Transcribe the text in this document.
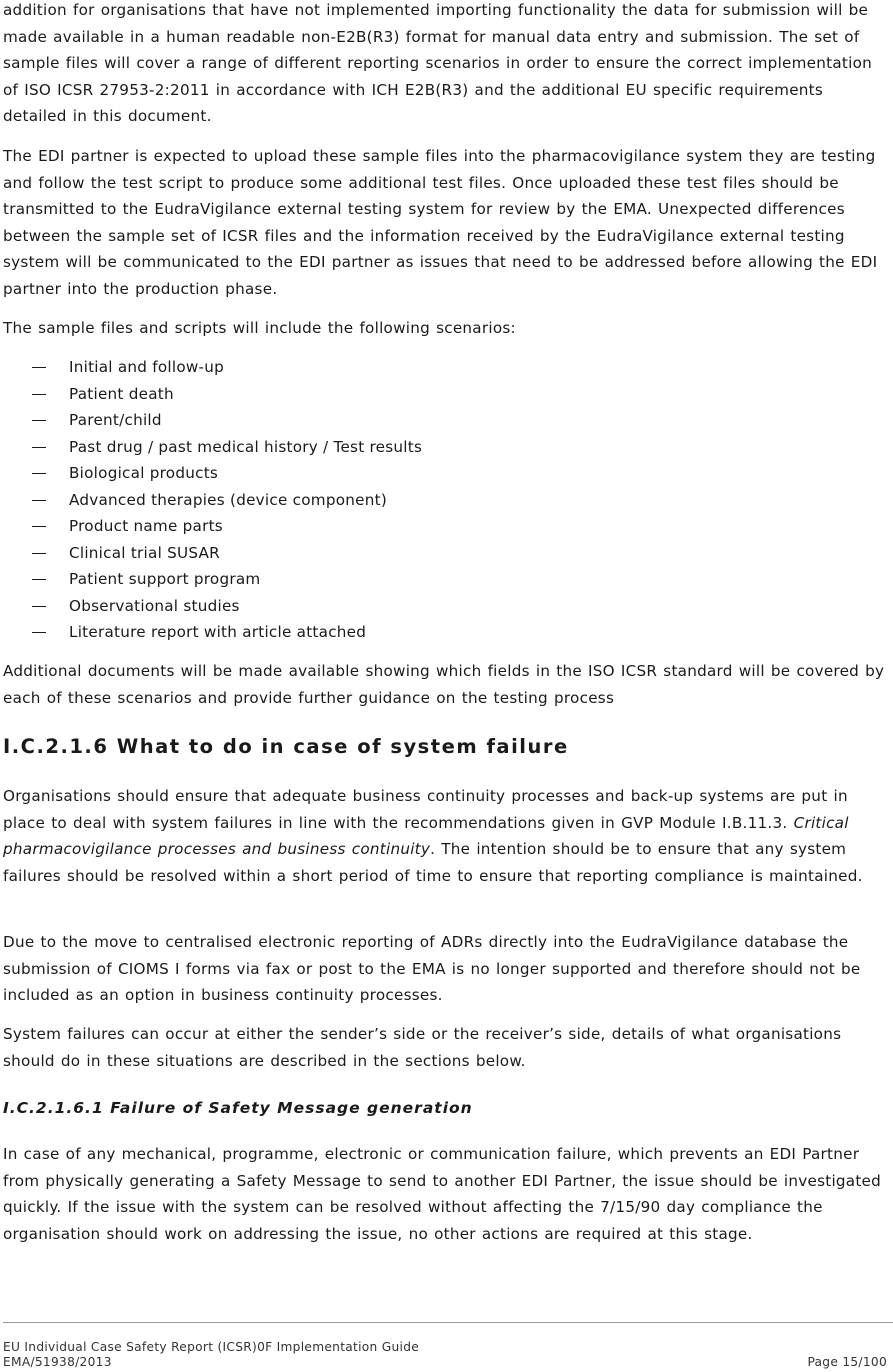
addition for organisations that have not implemented importing functionality the data for submission will be made available in a human readable non-E2B(R3) format for manual data entry and submission. The set of sample files will cover a range of different reporting scenarios in order to ensure the correct implementation of ISO ICSR 27953-2:2011 in accordance with ICH E2B(R3) and the additional EU specific requirements detailed in this document.

The EDI partner is expected to upload these sample files into the pharmacovigilance system they are testing and follow the test script to produce some additional test files. Once uploaded these test files should be transmitted to the EudraVigilance external testing system for review by the EMA. Unexpected differences between the sample set of ICSR files and the information received by the EudraVigilance external testing system will be communicated to the EDI partner as issues that need to be addressed before allowing the EDI partner into the production phase.

The sample files and scripts will include the following scenarios:

Initial and follow-up
Patient death
Parent/child
Past drug / past medical history / Test results
Biological products
Advanced therapies (device component)
Product name parts
Clinical trial SUSAR
Patient support program
Observational studies
Literature report with article attached

Additional documents will be made available showing which fields in the ISO ICSR standard will be covered by each of these scenarios and provide further guidance on the testing process

I.C.2.1.6 What to do in case of system failure

Organisations should ensure that adequate business continuity processes and back-up systems are put in place to deal with system failures in line with the recommendations given in GVP Module I.B.11.3. Critical pharmacovigilance processes and business continuity. The intention should be to ensure that any system failures should be resolved within a short period of time to ensure that reporting compliance is maintained.

Due to the move to centralised electronic reporting of ADRs directly into the EudraVigilance database the submission of CIOMS I forms via fax or post to the EMA is no longer supported and therefore should not be included as an option in business continuity processes.

System failures can occur at either the sender’s side or the receiver’s side, details of what organisations should do in these situations are described in the sections below.

I.C.2.1.6.1 Failure of Safety Message generation

In case of any mechanical, programme, electronic or communication failure, which prevents an EDI Partner from physically generating a Safety Message to send to another EDI Partner, the issue should be investigated quickly. If the issue with the system can be resolved without affecting the 7/15/90 day compliance the organisation should work on addressing the issue, no other actions are required at this stage.

EU Individual Case Safety Report (ICSR)0F Implementation Guide
EMA/51938/2013	Page 15/100
